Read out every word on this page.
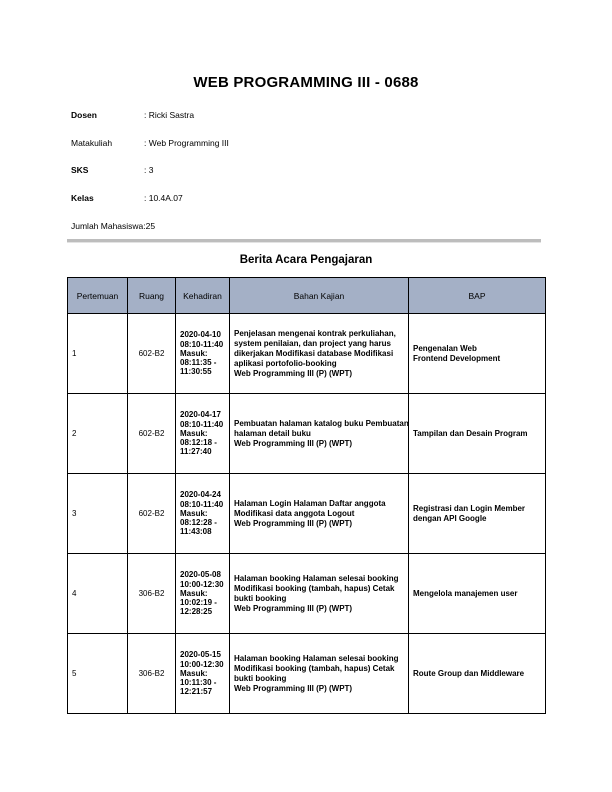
WEB PROGRAMMING III - 0688
Dosen	: Ricki Sastra
Matakuliah	: Web Programming III
SKS	: 3
Kelas	: 10.4A.07
Jumlah Mahasiswa:25
Berita Acara Pengajaran
Pertemuan	Ruang	Kehadiran	Bahan Kajian	BAP
1	602-B2	2020-04-10
08:10-11:40
Masuk:
08:11:35 -
11:30:55	Penjelasan mengenai kontrak perkuliahan,
system penilaian, dan project yang harus
dikerjakan Modifikasi database Modifikasi
aplikasi portofolio-booking
Web Programming III (P) (WPT)	Pengenalan Web
Frontend Development

2	602-B2	2020-04-17
08:10-11:40
Masuk:
08:12:18 -
11:27:40	Pembuatan halaman katalog buku Pembuatan
halaman detail buku
Web Programming III (P) (WPT)	Tampilan dan Desain Program

3	602-B2	2020-04-24
08:10-11:40
Masuk:
08:12:28 -
11:43:08	Halaman Login Halaman Daftar anggota
Modifikasi data anggota Logout
Web Programming III (P) (WPT)	Registrasi dan Login Member
dengan API Google

4	306-B2	2020-05-08
10:00-12:30
Masuk:
10:02:19 -
12:28:25	Halaman booking Halaman selesai booking
Modifikasi booking (tambah, hapus) Cetak
bukti booking
Web Programming III (P) (WPT)	Mengelola manajemen user

5	306-B2	2020-05-15
10:00-12:30
Masuk:
10:11:30 -
12:21:57	Halaman booking Halaman selesai booking
Modifikasi booking (tambah, hapus) Cetak
bukti booking
Web Programming III (P) (WPT)	Route Group dan Middleware
